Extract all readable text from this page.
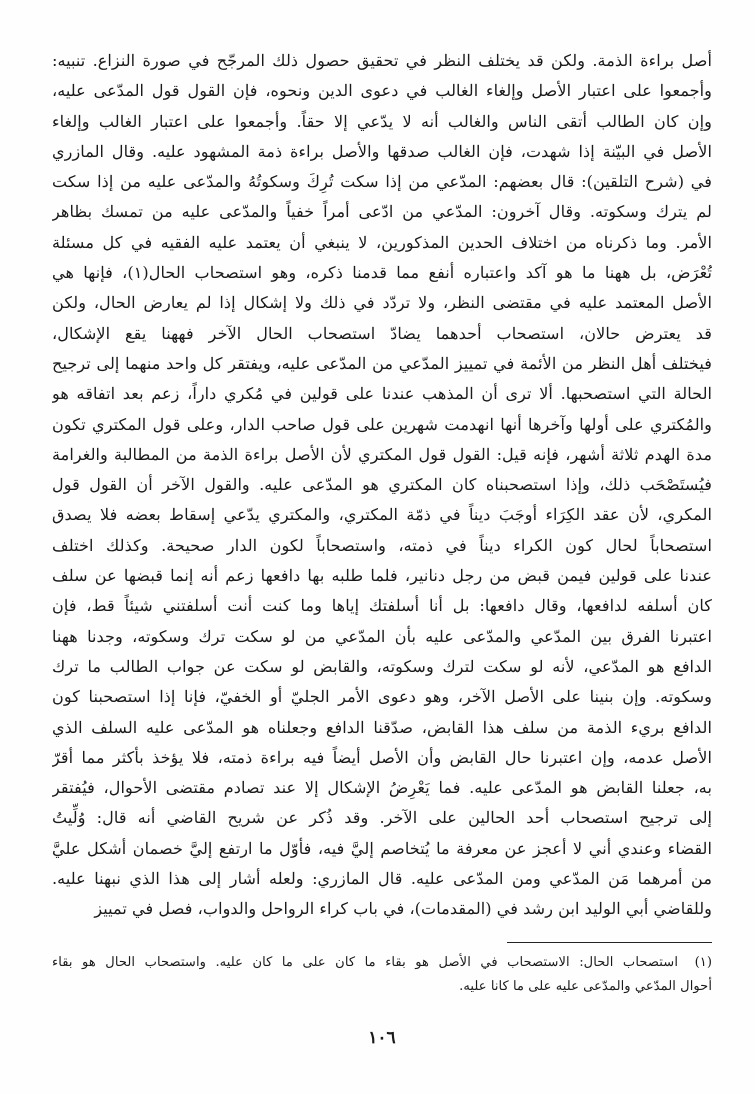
أصل براءة الذمة. ولكن قد يختلف النظر في تحقيق حصول ذلك المرجّح في صورة النزاع. تنبيه:
وأجمعوا على اعتبار الأصل وإلغاء الغالب في دعوى الدين ونحوه، فإن القول قول المدّعى عليه،
وإن كان الطالب أتقى الناس والغالب أنه لا يدّعي إلا حقاً. وأجمعوا على اعتبار الغالب وإلغاء
الأصل في البيّنة إذا شهدت، فإن الغالب صدقها والأصل براءة ذمة المشهود عليه. وقال المازري
في (شرح التلقين): قال بعضهم: المدّعي من إذا سكت تُرِكَ وسكوتُهُ والمدّعى عليه من إذا سكت
لم يترك وسكوته. وقال آخرون: المدّعي من ادّعى أمراً خفياً والمدّعى عليه من تمسك بظاهر
الأمر. وما ذكرناه من اختلاف الحدين المذكورين، لا ينبغي أن يعتمد عليه الفقيه في كل مسئلة
تُعْرَض، بل ههنا ما هو آكد واعتباره أنفع مما قدمنا ذكره، وهو استصحاب الحال(١)، فإنها هي
الأصل المعتمد عليه في مقتضى النظر، ولا تردّد في ذلك ولا إشكال إذا لم يعارض الحال، ولكن
قد يعترض حالان، استصحاب أحدهما يضادّ استصحاب الحال الآخر فههنا يقع الإشكال،
فيختلف أهل النظر من الأئمة في تمييز المدّعي من المدّعى عليه، ويفتقر كل واحد منهما إلى ترجيح
الحالة التي استصحبها. ألا ترى أن المذهب عندنا على قولين في مُكري داراً، زعم بعد اتفاقه هو
والمُكتري على أولها وآخرها أنها انهدمت شهرين على قول صاحب الدار، وعلى قول المكتري تكون
مدة الهدم ثلاثة أشهر، فإنه قيل: القول قول المكتري لأن الأصل براءة الذمة من المطالبة والغرامة
فيُستَصْحَب ذلك، وإذا استصحبناه كان المكتري هو المدّعى عليه. والقول الآخر أن القول قول
المكري، لأن عقد الكِرَاء أوجَبَ ديناً في ذمّة المكتري، والمكتري يدّعي إسقاط بعضه فلا يصدق
استصحاباً لحال كون الكراء ديناً في ذمته، واستصحاباً لكون الدار صحيحة. وكذلك اختلف
عندنا على قولين فيمن قبض من رجل دنانير، فلما طلبه بها دافعها زعم أنه إنما قبضها عن سلف
كان أسلفه لدافعها، وقال دافعها: بل أنا أسلفتك إياها وما كنت أنت أسلفتني شيئاً قط، فإن
اعتبرنا الفرق بين المدّعي والمدّعى عليه بأن المدّعي من لو سكت ترك وسكوته، وجدنا ههنا
الدافع هو المدّعي، لأنه لو سكت لترك وسكوته، والقابض لو سكت عن جواب الطالب ما ترك
وسكوته. وإن بنينا على الأصل الآخر، وهو دعوى الأمر الجليّ أو الخفيّ، فإنا إذا استصحبنا كون
الدافع بريء الذمة من سلف هذا القابض، صدّقنا الدافع وجعلناه هو المدّعى عليه السلف الذي
الأصل عدمه، وإن اعتبرنا حال القابض وأن الأصل أيضاً فيه براءة ذمته، فلا يؤخذ بأكثر مما أقرّ
به، جعلنا القابض هو المدّعى عليه. فما يَعْرِضُ الإشكال إلا عند تصادم مقتضى الأحوال، فيُفتقر
إلى ترجيح استصحاب أحد الحالين على الآخر. وقد ذُكر عن شريح القاضي أنه قال: وُلِّيتُ
القضاء وعندي أني لا أعجز عن معرفة ما يُتخاصم إليَّ فيه، فأوّل ما ارتفع إليَّ خصمان أشكل عليَّ
من أمرهما مَن المدّعي ومن المدّعى عليه. قال المازري: ولعله أشار إلى هذا الذي نبهنا عليه.
وللقاضي أبي الوليد ابن رشد في (المقدمات)، في باب كراء الرواحل والدواب، فصل في تمييز
(١)استصحاب الحال: الاستصحاب في الأصل هو بقاء ما كان على ما كان عليه. واستصحاب الحال هو بقاء
أحوال المدّعي والمدّعى عليه على ما كانا عليه.
١٠٦
